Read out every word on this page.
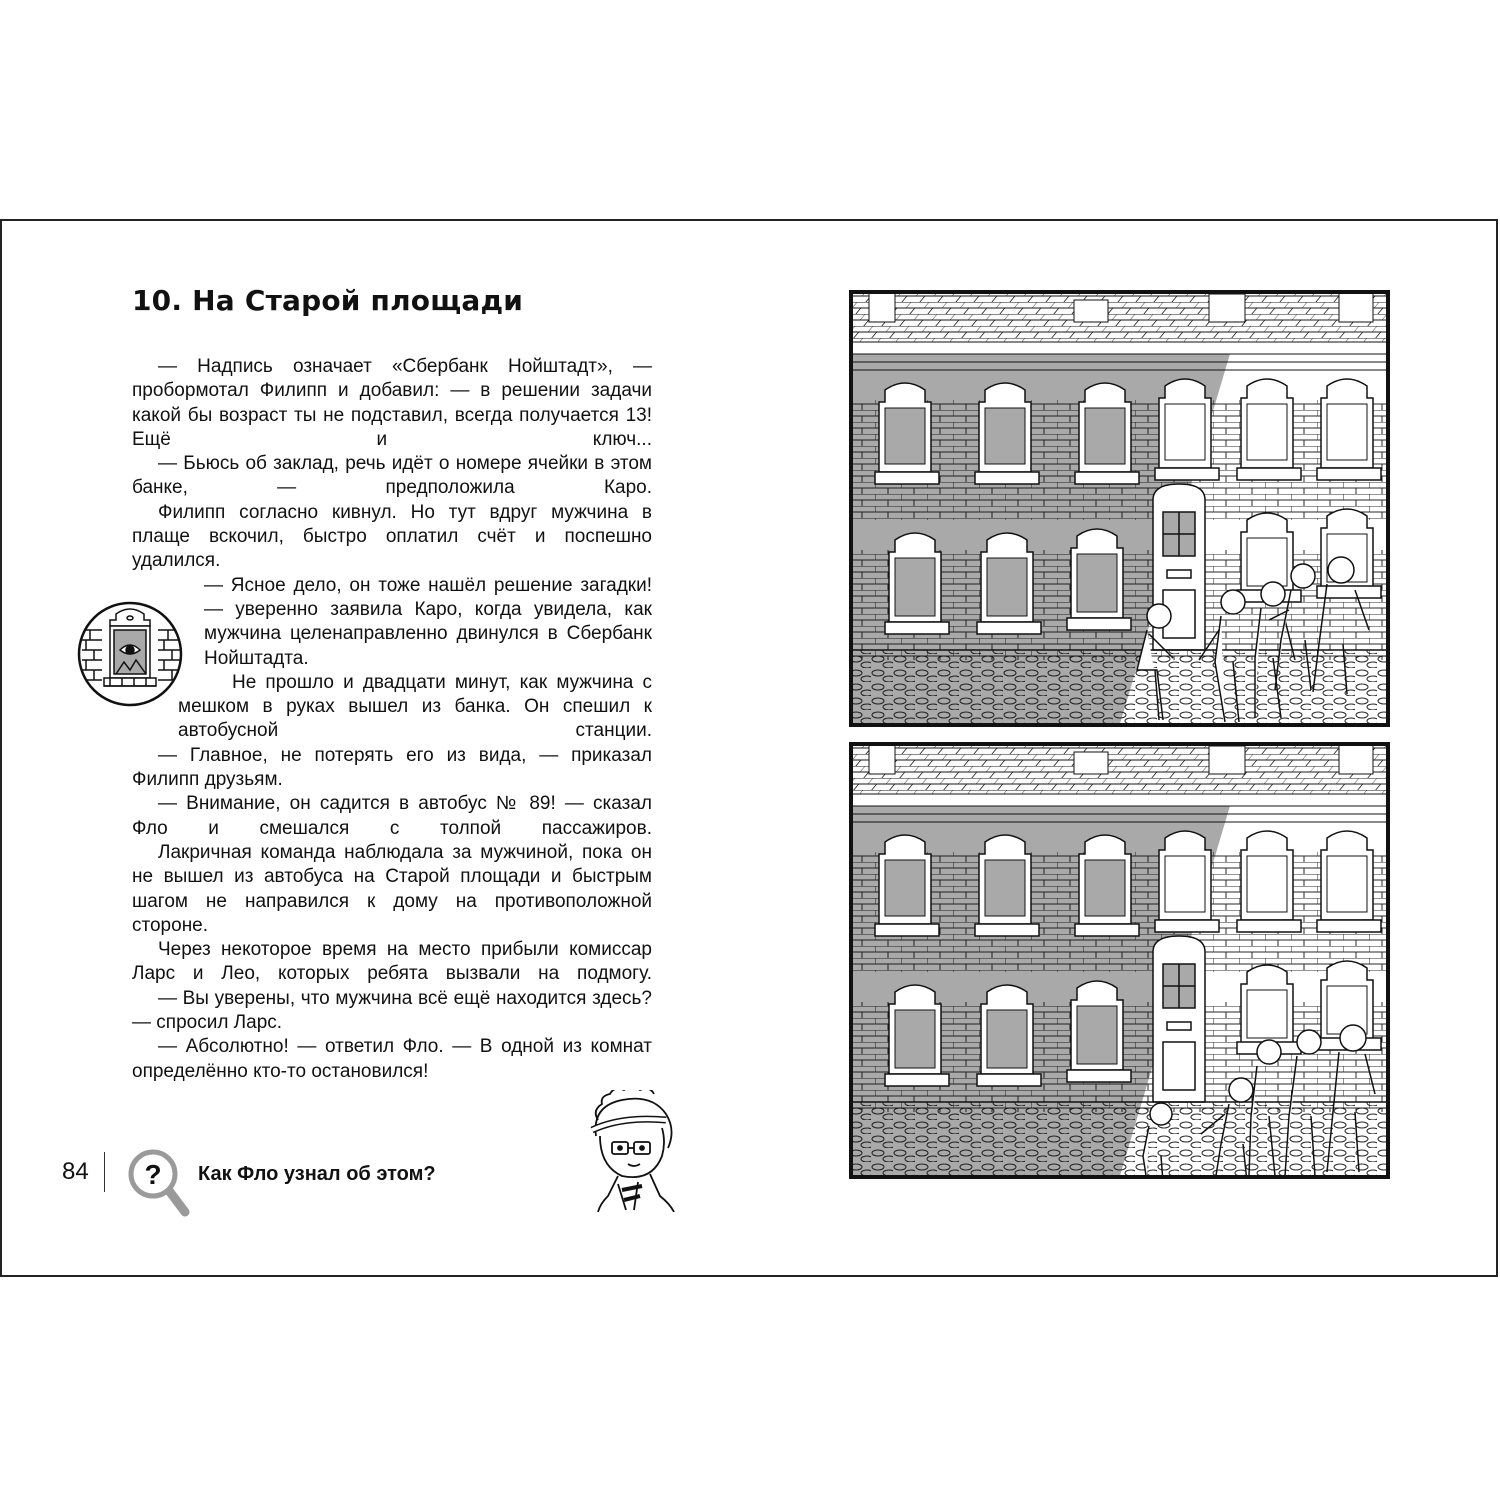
10. На Старой площади

— Надпись означает «Сбербанк Нойштадт», — пробормотал Филипп и добавил: — в решении задачи какой бы возраст ты не подставил, всегда получается 13! Ещё и ключ...

— Бьюсь об заклад, речь идёт о номере ячейки в этом банке, — предположила Каро.

Филипп согласно кивнул. Но тут вдруг мужчина в плаще вскочил, быстро оплатил счёт и поспешно удалился.

— Ясное дело, он тоже нашёл решение загадки! — уверенно заявила Каро, когда увидела, как мужчина целенаправленно двинулся в Сбербанк Нойштадта.

Не прошло и двадцати минут, как мужчина с мешком в руках вышел из банка. Он спешил к автобусной станции.

— Главное, не потерять его из вида, — приказал Филипп друзьям.

— Внимание, он садится в автобус № 89! — сказал Фло и смешался с толпой пассажиров.

Лакричная команда наблюдала за мужчиной, пока он не вышел из автобуса на Старой площади и быстрым шагом не направился к дому на противоположной стороне.

Через некоторое время на место прибыли комиссар Ларс и Лео, которых ребята вызвали на подмогу.

— Вы уверены, что мужчина всё ещё находится здесь? — спросил Ларс.

— Абсолютно! — ответил Фло. — В одной из комнат определённо кто-то остановился!

84 ? Как Фло узнал об этом?
